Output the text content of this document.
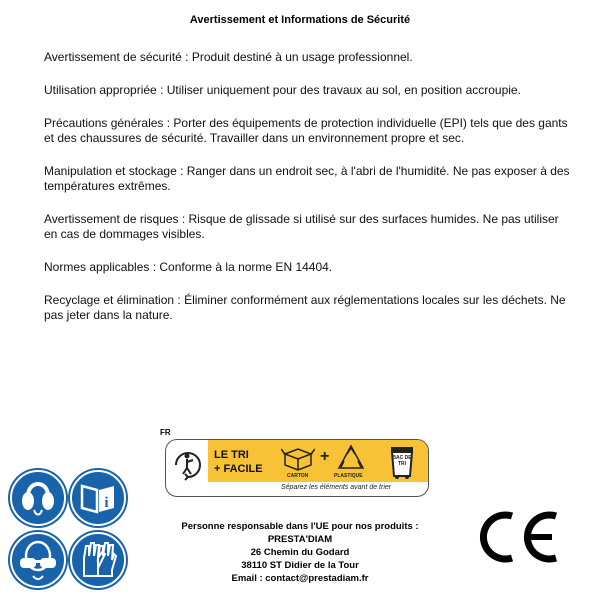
Avertissement et Informations de Sécurité

Avertissement de sécurité : Produit destiné à un usage professionnel.

Utilisation appropriée : Utiliser uniquement pour des travaux au sol, en position accroupie.

Précautions générales : Porter des équipements de protection individuelle (EPI) tels que des gants et des chaussures de sécurité. Travailler dans un environnement propre et sec.

Manipulation et stockage : Ranger dans un endroit sec, à l'abri de l'humidité. Ne pas exposer à des températures extrêmes.

Avertissement de risques : Risque de glissade si utilisé sur des surfaces humides. Ne pas utiliser en cas de dommages visibles.

Normes applicables : Conforme à la norme EN 14404.

Recyclage et élimination : Éliminer conformément aux réglementations locales sur les déchets. Ne pas jeter dans la nature.

i
FR
LE TRI
+ FACILE
CARTON
+
PLASTIQUE
BAC DE TRI
Séparez les éléments avant de trier
Personne responsable dans l'UE pour nos produits :
PRESTA'DIAM
26 Chemin du Godard
38110 ST Didier de la Tour
Email : contact@prestadiam.fr
